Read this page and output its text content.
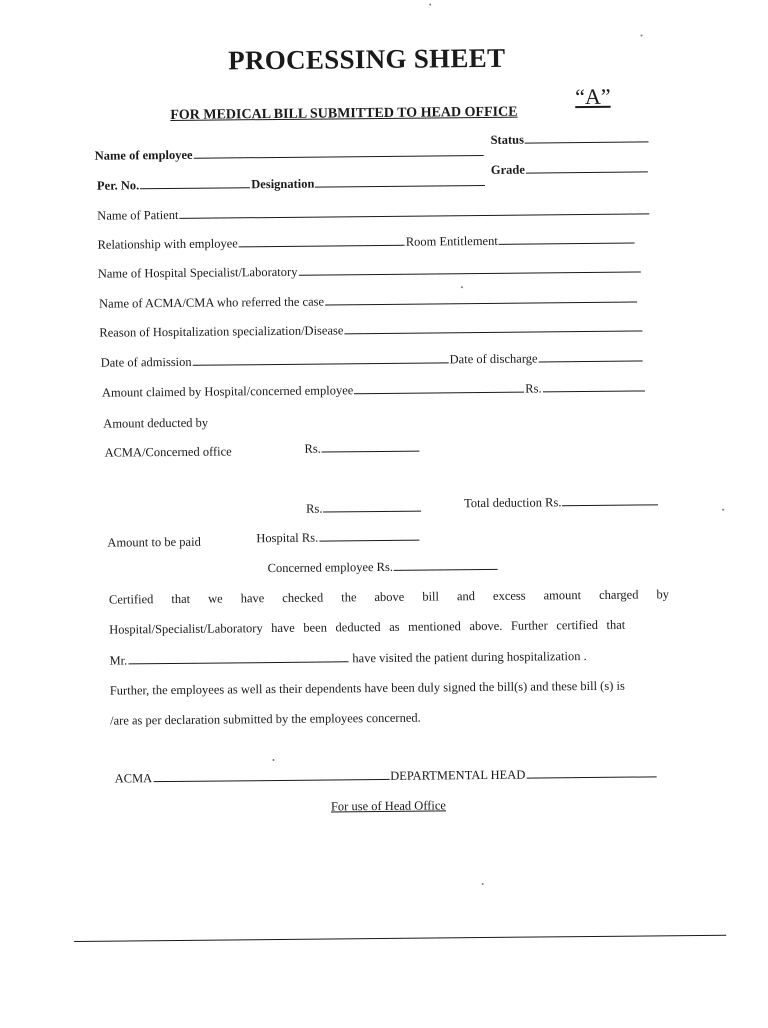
PROCESSING SHEET
FOR MEDICAL BILL SUBMITTED TO HEAD OFFICE
“A”
Status
Name of employee
Per. No.	Designation
Grade
Name of Patient
Relationship with employee	Room Entitlement
Name of Hospital Specialist/Laboratory
Name of ACMA/CMA who referred the case
Reason of Hospitalization specialization/Disease
Date of admission	Date of discharge
Amount claimed by Hospital/concerned employee	Rs.
Amount deducted by
ACMA/Concerned office	Rs.
Rs.	Total deduction Rs.
Amount to be paid	Hospital Rs.
Concerned employee Rs.
Certified that we have checked the above bill and excess amount charged by
Hospital/Specialist/Laboratory have been deducted as mentioned above. Further certified that
Mr.	have visited the patient during hospitalization .
Further, the employees as well as their dependents have been duly signed the bill(s) and these bill (s) is
/are as per declaration submitted by the employees concerned.
ACMA	DEPARTMENTAL HEAD
For use of Head Office
